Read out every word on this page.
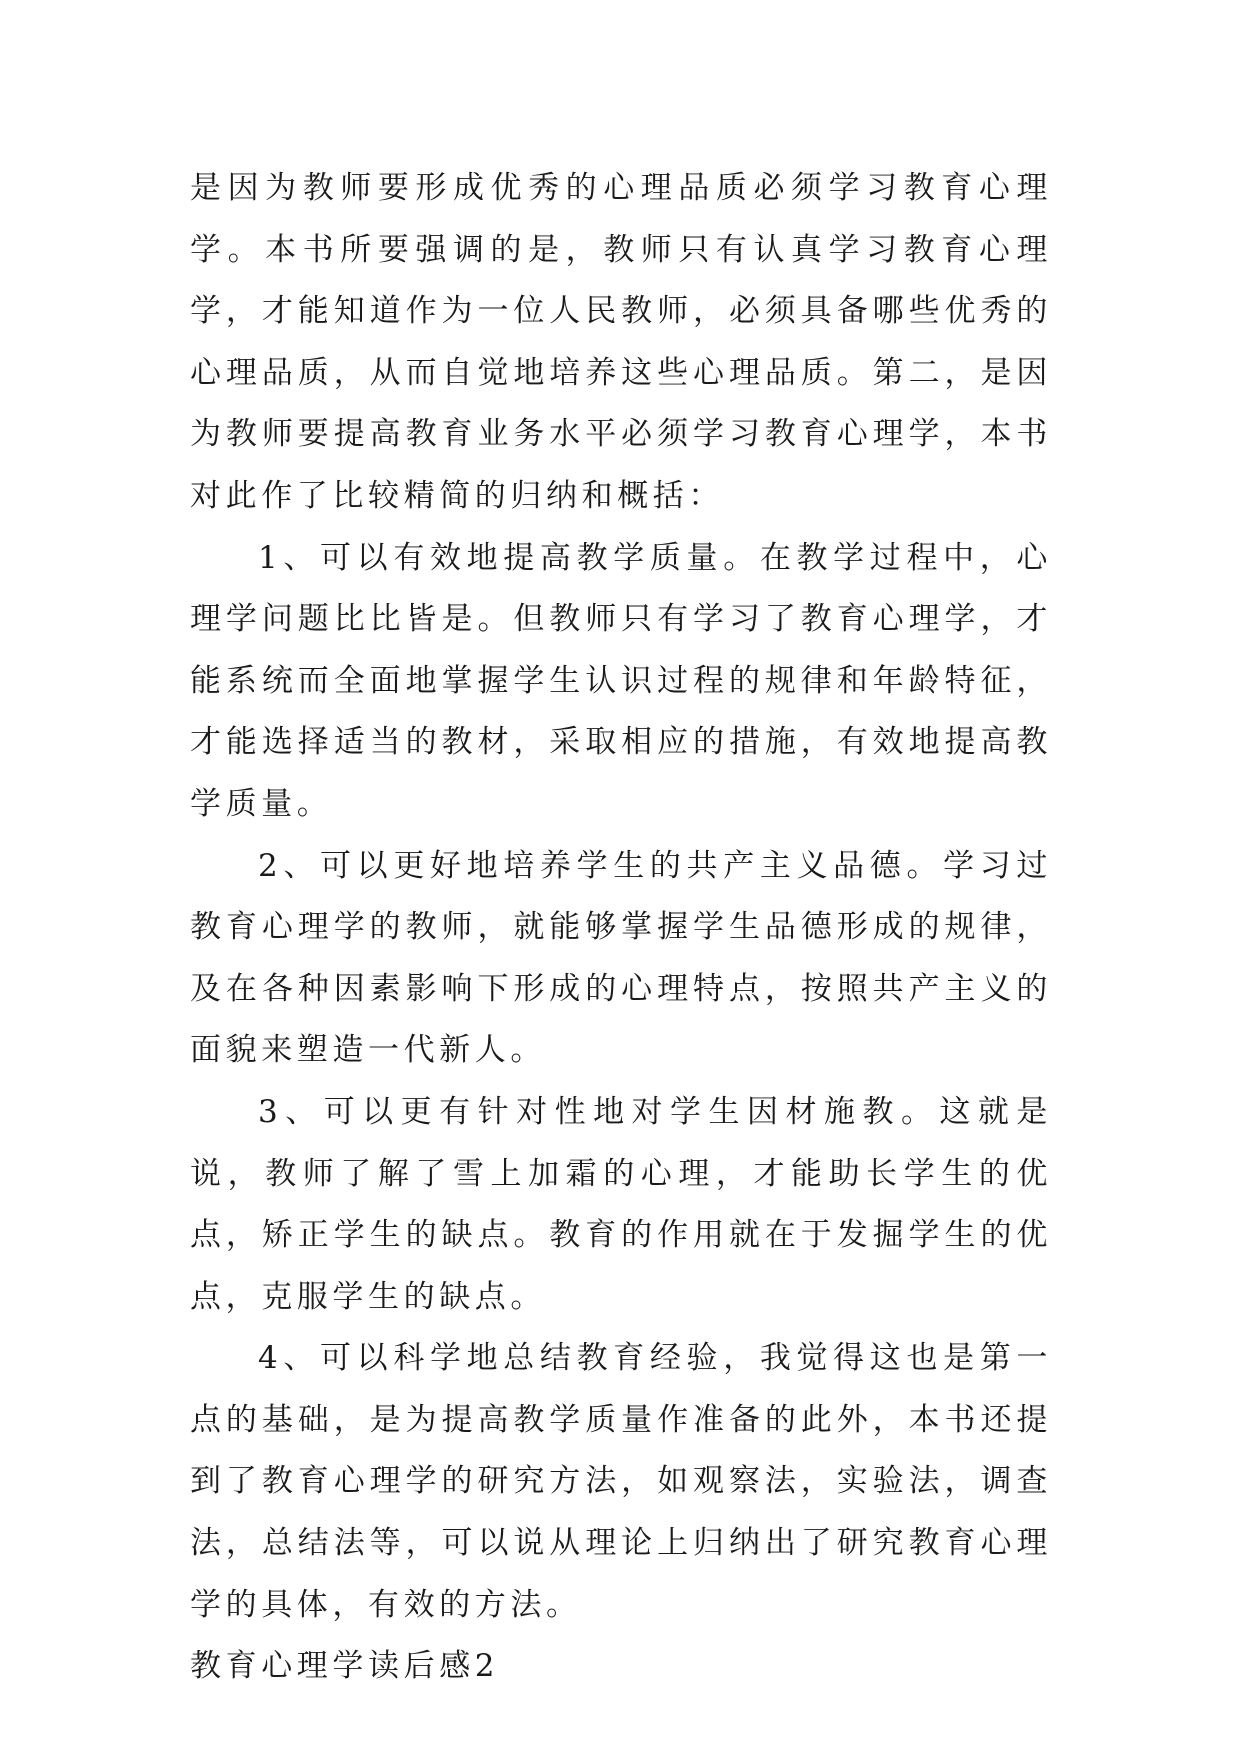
是因为教师要形成优秀的心理品质必须学习教育心理学。本书所要强调的是，教师只有认真学习教育心理学，才能知道作为一位人民教师，必须具备哪些优秀的心理品质，从而自觉地培养这些心理品质。第二，是因为教师要提高教育业务水平必须学习教育心理学，本书对此作了比较精简的归纳和概括：

1、可以有效地提高教学质量。在教学过程中，心理学问题比比皆是。但教师只有学习了教育心理学，才能系统而全面地掌握学生认识过程的规律和年龄特征，才能选择适当的教材，采取相应的措施，有效地提高教学质量。

2、可以更好地培养学生的共产主义品德。学习过教育心理学的教师，就能够掌握学生品德形成的规律，及在各种因素影响下形成的心理特点，按照共产主义的面貌来塑造一代新人。

3、可以更有针对性地对学生因材施教。这就是说，教师了解了雪上加霜的心理，才能助长学生的优点，矫正学生的缺点。教育的作用就在于发掘学生的优点，克服学生的缺点。

4、可以科学地总结教育经验，我觉得这也是第一点的基础，是为提高教学质量作准备的此外，本书还提到了教育心理学的研究方法，如观察法，实验法，调查法，总结法等，可以说从理论上归纳出了研究教育心理学的具体，有效的方法。

教育心理学读后感2
